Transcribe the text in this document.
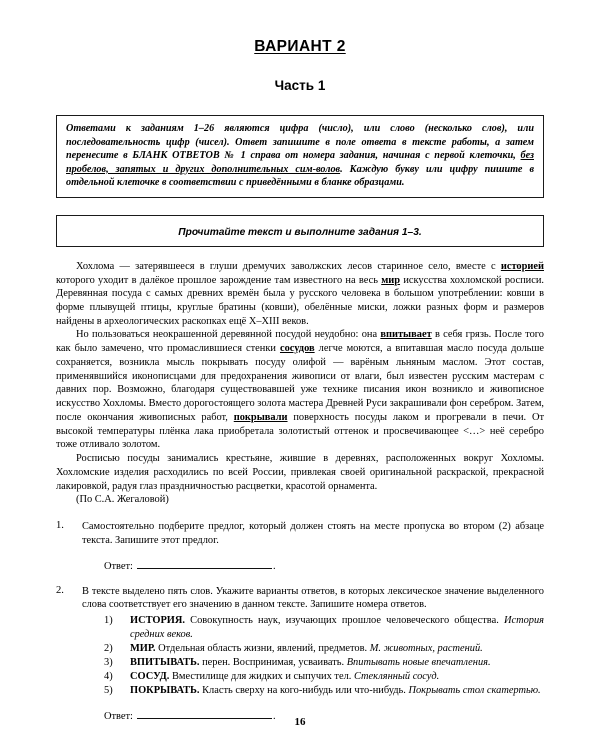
ВАРИАНТ 2
Часть 1

Ответами к заданиям 1–26 являются цифра (число), или слово (несколько слов), или последовательность цифр (чисел). Ответ запишите в поле ответа в тексте работы, а затем перенесите в БЛАНК ОТВЕТОВ № 1 справа от номера задания, начиная с первой клеточки, без пробелов, запятых и других дополнительных сим-волов. Каждую букву или цифру пишите в отдельной клеточке в соответствии с приведёнными в бланке образцами.

Прочитайте текст и выполните задания 1–3.

Хохлома — затерявшееся в глуши дремучих заволжских лесов старинное село, вместе с историей которого уходит в далёкое прошлое зарождение там известного на весь мир искусства хохломской росписи. Деревянная посуда с самых древних времён была у русского человека в большом употреблении: ковши в форме плывущей птицы, круглые братины (ковши), обелённые миски, ложки разных форм и размеров найдены в археологических раскопках ещё X–XIII веков.

Но пользоваться неокрашенной деревянной посудой неудобно: она впитывает в себя грязь. После того как было замечено, что промаслившиеся стенки сосудов легче моются, а впитавшая масло посуда дольше сохраняется, возникла мысль покрывать посуду олифой — варёным льняным маслом. Этот состав, применявшийся иконописцами для предохранения живописи от влаги, был известен русским мастерам с давних пор. Возможно, благодаря существовавшей уже технике писания икон возникло и живописное искусство Хохломы. Вместо дорогостоящего золота мастера Древней Руси закрашивали фон серебром. Затем, после окончания живописных работ, покрывали поверхность посуды лаком и прогревали в печи. От высокой температуры плёнка лака приобретала золотистый оттенок и просвечивающее <…> неё серебро тоже отливало золотом.

Росписью посуды занимались крестьяне, жившие в деревнях, расположенных вокруг Хохломы. Хохломские изделия расходились по всей России, привлекая своей оригинальной раскраской, прекрасной лакировкой, радуя глаз праздничностью расцветки, красотой орнамента.

(По С.А. Жегаловой)

1.	Самостоятельно подберите предлог, который должен стоять на месте пропуска во втором (2) абзаце текста. Запишите этот предлог.

Ответ:	.
2.	В тексте выделено пять слов. Укажите варианты ответов, в которых лексическое значение выделенного слова соответствует его значению в данном тексте. Запишите номера ответов.

1) ИСТОРИЯ. Совокупность наук, изучающих прошлое человеческого общества. История средних веков.
2) МИР. Отдельная область жизни, явлений, предметов. М. животных, растений.
3) ВПИТЫВАТЬ. перен. Воспринимая, усваивать. Впитывать новые впечатления.
4) СОСУД. Вместилище для жидких и сыпучих тел. Стеклянный сосуд.
5) ПОКРЫВАТЬ. Класть сверху на кого-нибудь или что-нибудь. Покрывать стол скатертью.
Ответ:	.	16
